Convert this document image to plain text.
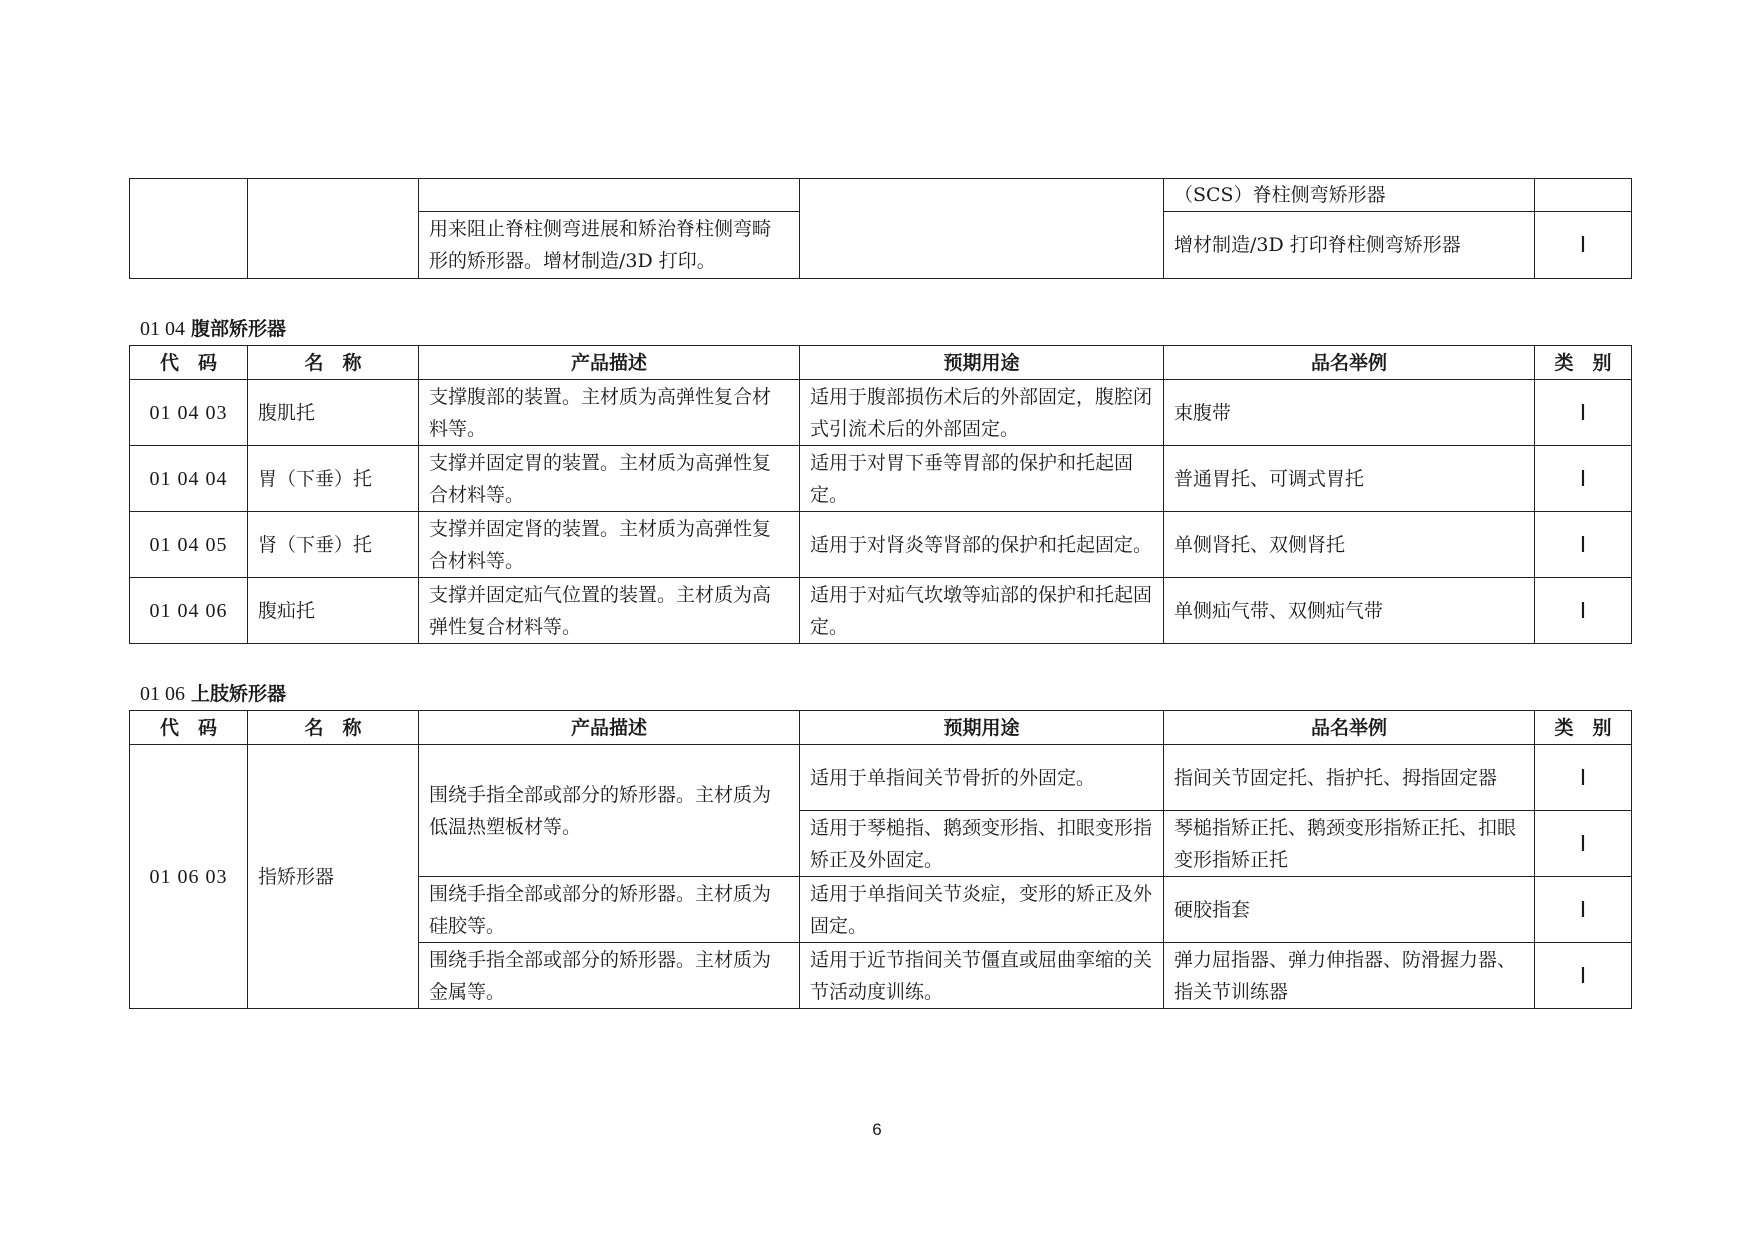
				（SCS）脊柱侧弯矫形器	
		用来阻止脊柱侧弯进展和矫治脊柱侧弯畸形的矫形器。增材制造/3D 打印。		增材制造/3D 打印脊柱侧弯矫形器	Ⅰ
01 04 腹部矫形器
代　码	名　称	产品描述	预期用途	品名举例	类　别
01 04 03	腹肌托	支撑腹部的装置。主材质为高弹性复合材料等。	适用于腹部损伤术后的外部固定，腹腔闭式引流术后的外部固定。	束腹带	Ⅰ
01 04 04	胃（下垂）托	支撑并固定胃的装置。主材质为高弹性复合材料等。	适用于对胃下垂等胃部的保护和托起固定。	普通胃托、可调式胃托	Ⅰ
01 04 05	肾（下垂）托	支撑并固定肾的装置。主材质为高弹性复合材料等。	适用于对肾炎等肾部的保护和托起固定。	单侧肾托、双侧肾托	Ⅰ
01 04 06	腹疝托	支撑并固定疝气位置的装置。主材质为高弹性复合材料等。	适用于对疝气坎墩等疝部的保护和托起固定。	单侧疝气带、双侧疝气带	Ⅰ
01 06 上肢矫形器
代　码	名　称	产品描述	预期用途	品名举例	类　别
01 06 03	指矫形器	围绕手指全部或部分的矫形器。主材质为低温热塑板材等。	适用于单指间关节骨折的外固定。	指间关节固定托、指护托、拇指固定器	Ⅰ
			适用于琴槌指、鹅颈变形指、扣眼变形指矫正及外固定。	琴槌指矫正托、鹅颈变形指矫正托、扣眼变形指矫正托	Ⅰ
		围绕手指全部或部分的矫形器。主材质为硅胶等。	适用于单指间关节炎症，变形的矫正及外固定。	硬胶指套	Ⅰ
		围绕手指全部或部分的矫形器。主材质为金属等。	适用于近节指间关节僵直或屈曲挛缩的关节活动度训练。	弹力屈指器、弹力伸指器、防滑握力器、指关节训练器	Ⅰ
6
